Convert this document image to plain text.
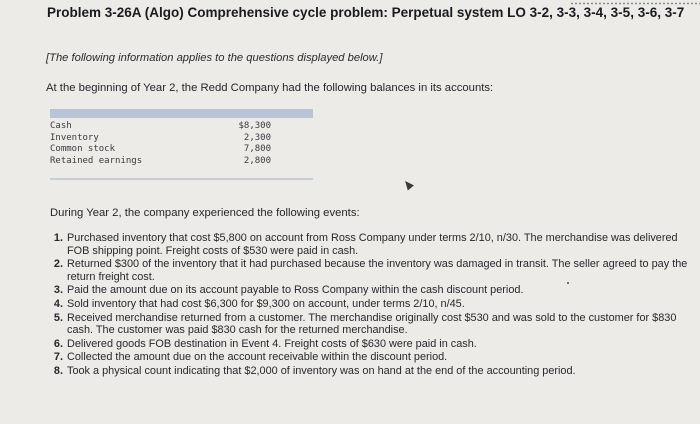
Problem 3-26A (Algo) Comprehensive cycle problem: Perpetual system LO 3-2, 3-3, 3-4, 3-5, 3-6, 3-7
[The following information applies to the questions displayed below.]
At the beginning of Year 2, the Redd Company had the following balances in its accounts:
Cash	$8,300
Inventory	2,300
Common stock	7,800
Retained earnings	2,800
During Year 2, the company experienced the following events:
1. Purchased inventory that cost $5,800 on account from Ross Company under terms 2/10, n/30. The merchandise was delivered FOB shipping point. Freight costs of $530 were paid in cash.
2. Returned $300 of the inventory that it had purchased because the inventory was damaged in transit. The seller agreed to pay the return freight cost.
3. Paid the amount due on its account payable to Ross Company within the cash discount period.
4. Sold inventory that had cost $6,300 for $9,300 on account, under terms 2/10, n/45.
5. Received merchandise returned from a customer. The merchandise originally cost $530 and was sold to the customer for $830 cash. The customer was paid $830 cash for the returned merchandise.
6. Delivered goods FOB destination in Event 4. Freight costs of $630 were paid in cash.
7. Collected the amount due on the account receivable within the discount period.
8. Took a physical count indicating that $2,000 of inventory was on hand at the end of the accounting period.
